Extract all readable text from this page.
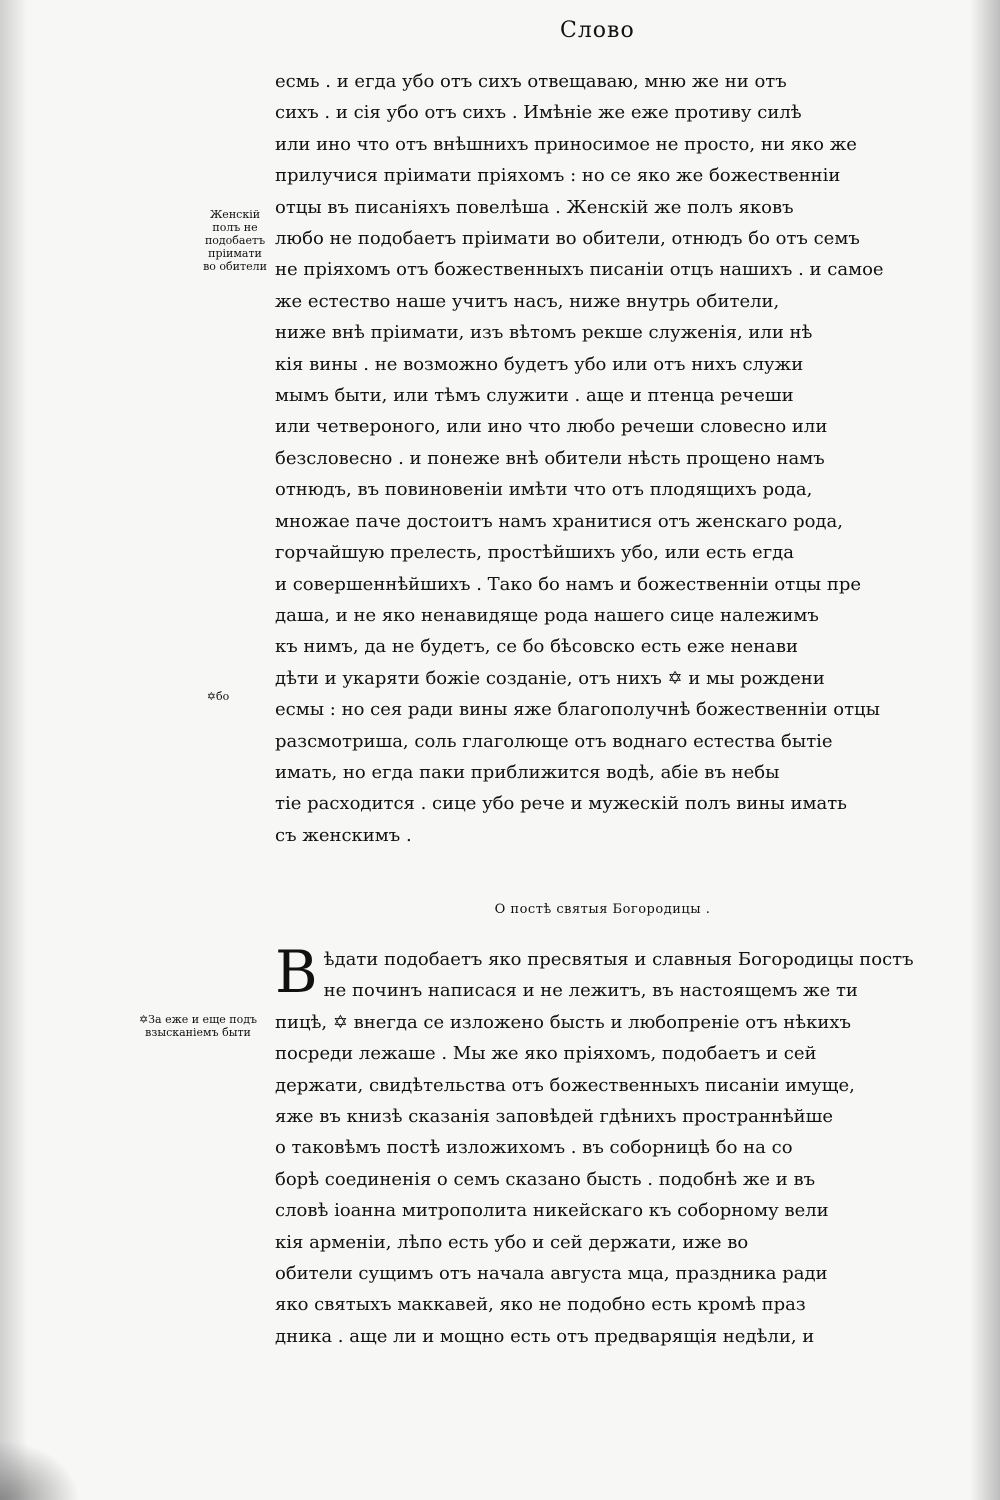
Слово
Женскій полъ не подобаетъ пріимати во обители
✡бо
✡За еже и еще подъ взысканіемъ быти
есмь . и егда убо отъ сихъ отвещаваю, мню же ни отъ
сихъ . и сія убо отъ сихъ . Имѣніе же еже противу силѣ
или ино что отъ внѣшнихъ приносимое не просто, ни яко же
прилучися пріимати пріяхомъ : но се яко же божественніи
отцы въ писаніяхъ повелѣша . Женскій же полъ яковъ
любо не подобаетъ пріимати во обители, отнюдъ бо отъ семъ
не пріяхомъ отъ божественныхъ писаніи отцъ нашихъ . и самое
же естество наше учитъ насъ, ниже внутрь обители,
ниже внѣ пріимати, изъ вѣтомъ рекше служенія, или нѣ
кія вины . не возможно будетъ убо или отъ нихъ служи
мымъ быти, или тѣмъ служити . аще и птенца речеши
или четвероного, или ино что любо речеши словесно или
безсловесно . и понеже внѣ обители нѣсть прощено намъ
отнюдъ, въ повиновеніи имѣти что отъ плодящихъ рода,
множае паче достоитъ намъ хранитися отъ женскаго рода,
горчайшую прелесть, простѣйшихъ убо, или есть егда
и совершеннѣйшихъ . Тако бо намъ и божественніи отцы пре
даша, и не яко ненавидяще рода нашего сице належимъ
къ нимъ, да не будетъ, се бо бѣсовско есть еже ненави
дѣти и укаряти божіе созданіе, отъ нихъ ✡ и мы рождени
есмы : но сея ради вины яже благополучнѣ божественніи отцы
разсмотриша, соль глаголюще отъ воднаго естества бытіе
имать, но егда паки приближится водѣ, абіе въ небы
тіе расходится . сице убо рече и мужескій полъ вины имать
съ женскимъ .
О постѣ святыя Богородицы .
В ѣдати подобаетъ яко пресвятыя и славныя Богородицы постъ
не починъ написася и не лежитъ, въ настоящемъ же ти
пицѣ, ✡ внегда се изложено бысть и любопреніе отъ нѣкихъ
посреди лежаше . Мы же яко пріяхомъ, подобаетъ и сей
держати, свидѣтельства отъ божественныхъ писаніи имуще,
яже въ книзѣ сказанія заповѣдей гдѣнихъ пространнѣйше
о таковѣмъ постѣ изложихомъ . въ соборницѣ бо на со
борѣ соединенія о семъ сказано бысть . подобнѣ же и въ
словѣ іоанна митрополита никейскаго къ соборному вели
кія арменіи, лѣпо есть убо и сей держати, иже во
обители сущимъ отъ начала августа мца, праздника ради
яко святыхъ маккавей, яко не подобно есть кромѣ праз
дника . аще ли и мощно есть отъ предварящія недѣли, и
